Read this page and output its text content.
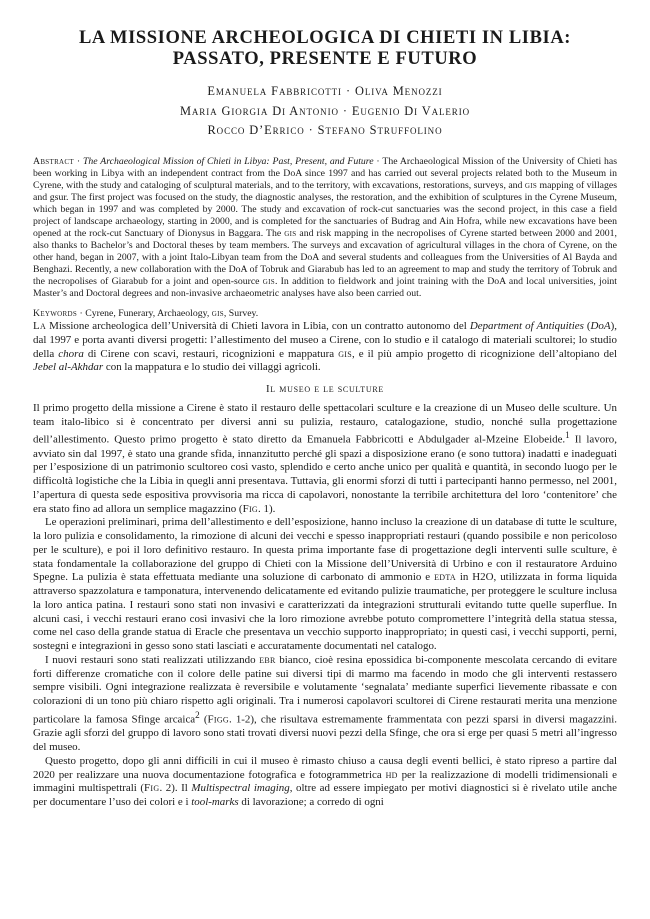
LA MISSIONE ARCHEOLOGICA DI CHIETI IN LIBIA:
PASSATO, PRESENTE E FUTURO
Emanuela Fabbricotti · Oliva Menozzi
Maria Giorgia Di Antonio · Eugenio Di Valerio
Rocco D’Errico · Stefano Struffolino
Abstract · The Archaeological Mission of Chieti in Libya: Past, Present, and Future · The Archaeological Mission of the University of Chieti has been working in Libya with an independent contract from the DoA since 1997 and has carried out several projects related both to the Museum in Cyrene, with the study and cataloging of sculptural materials, and to the territory, with excavations, restorations, surveys, and gis mapping of villages and gsur. The first project was focused on the study, the diagnostic analyses, the restoration, and the exhibition of sculptures in the Cyrene Museum, which began in 1997 and was completed by 2000. The study and excavation of rock-cut sanctuaries was the second project, in this case a field project of landscape archaeology, starting in 2000, and is completed for the sanctuaries of Budrag and Ain Hofra, while new excavations have been opened at the rock-cut Sanctuary of Dionysus in Baggara. The gis and risk mapping in the necropolises of Cyrene started between 2000 and 2001, also thanks to Bachelor’s and Doctoral theses by team members. The surveys and excavation of agricultural villages in the chora of Cyrene, on the other hand, began in 2007, with a joint Italo-Libyan team from the DoA and several students and colleagues from the Universities of Al Bayda and Benghazi. Recently, a new collaboration with the DoA of Tobruk and Giarabub has led to an agreement to map and study the territory of Tobruk and the necropolises of Giarabub for a joint and open-source gis. In addition to fieldwork and joint training with the DoA and local universities, joint Master’s and Doctoral degrees and non-invasive archaeometric analyses have also been carried out.
Keywords · Cyrene, Funerary, Archaeology, gis, Survey.

La Missione archeologica dell’Università di Chieti lavora in Libia, con un contratto autonomo del Department of Antiquities (DoA), dal 1997 e porta avanti diversi progetti: l’allestimento del museo a Cirene, con lo studio e il catalogo di materiali scultorei; lo studio della chora di Cirene con scavi, restauri, ricognizioni e mappatura gis, e il più ampio progetto di ricognizione dell’altopiano del Jebel al-Akhdar con la mappatura e lo studio dei villaggi agricoli.

Il museo e le sculture

Il primo progetto della missione a Cirene è stato il restauro delle spettacolari sculture e la creazione di un Museo delle sculture. Un team italo-libico si è concentrato per diversi anni su pulizia, restauro, catalogazione, studio, nonché sulla progettazione dell’allestimento. Questo primo progetto è stato diretto da Emanuela Fabbricotti e Abdulgader al-Mzeine Elobeide.$^1$ Il lavoro, avviato sin dal 1997, è stato una grande sfida, innanzitutto perché gli spazi a disposizione erano (e sono tuttora) inadatti e inadeguati per l’esposizione di un patrimonio scultoreo così vasto, splendido e certo anche unico per qualità e quantità, in secondo luogo per le difficoltà logistiche che la Libia in quegli anni presentava. Tuttavia, gli enormi sforzi di tutti i partecipanti hanno permesso, nel 2001, l’apertura di questa sede espositiva provvisoria ma ricca di capolavori, nonostante la terribile architettura del loro ‘contenitore’ che era stato fino ad allora un semplice magazzino (Fig. 1).

Le operazioni preliminari, prima dell’allestimento e dell’esposizione, hanno incluso la creazione di un database di tutte le sculture, la loro pulizia e consolidamento, la rimozione di alcuni dei vecchi e spesso inappropriati restauri (quando possibile e non pericoloso per le sculture), e poi il loro definitivo restauro. In questa prima importante fase di progettazione degli interventi sulle sculture, è stata fondamentale la collaborazione del gruppo di Chieti con la Missione dell’Università di Urbino e con il restauratore Arduino Spegne. La pulizia è stata effettuata mediante una soluzione di carbonato di ammonio e edta in H2O, utilizzata in forma liquida attraverso spazzolatura e tamponatura, intervenendo delicatamente ed evitando pulizie traumatiche, per proteggere le sculture inclusa la loro antica patina. I restauri sono stati non invasivi e caratterizzati da integrazioni strutturali evitando tutte quelle superflue. In alcuni casi, i vecchi restauri erano così invasivi che la loro rimozione avrebbe potuto compromettere l’integrità della statua stessa, come nel caso della grande statua di Eracle che presentava un vecchio supporto inappropriato; in questi casi, i vecchi supporti, perni, sostegni e integrazioni in gesso sono stati lasciati e accuratamente documentati nel catalogo.

I nuovi restauri sono stati realizzati utilizzando ebr bianco, cioè resina epossidica bi-componente mescolata cercando di evitare forti differenze cromatiche con il colore delle patine sui diversi tipi di marmo ma facendo in modo che gli interventi restassero sempre visibili. Ogni integrazione realizzata è reversibile e volutamente ‘segnalata’ mediante superfici lievemente ribassate e con colorazioni di un tono più chiaro rispetto agli originali. Tra i numerosi capolavori scultorei di Cirene restaurati merita una menzione particolare la famosa Sfinge arcaica$^2$ (Figg. 1-2), che risultava estremamente frammentata con pezzi sparsi in diversi magazzini. Grazie agli sforzi del gruppo di lavoro sono stati trovati diversi nuovi pezzi della Sfinge, che ora si erge per quasi 5 metri all’ingresso del museo.

Questo progetto, dopo gli anni difficili in cui il museo è rimasto chiuso a causa degli eventi bellici, è stato ripreso a partire dal 2020 per realizzare una nuova documentazione fotografica e fotogrammetrica hd per la realizzazione di modelli tridimensionali e immagini multispettrali (Fig. 2). Il Multispectral imaging, oltre ad essere impiegato per motivi diagnostici si è rivelato utile anche per documentare l’uso dei colori e i tool-marks di lavorazione; a corredo di ogni
